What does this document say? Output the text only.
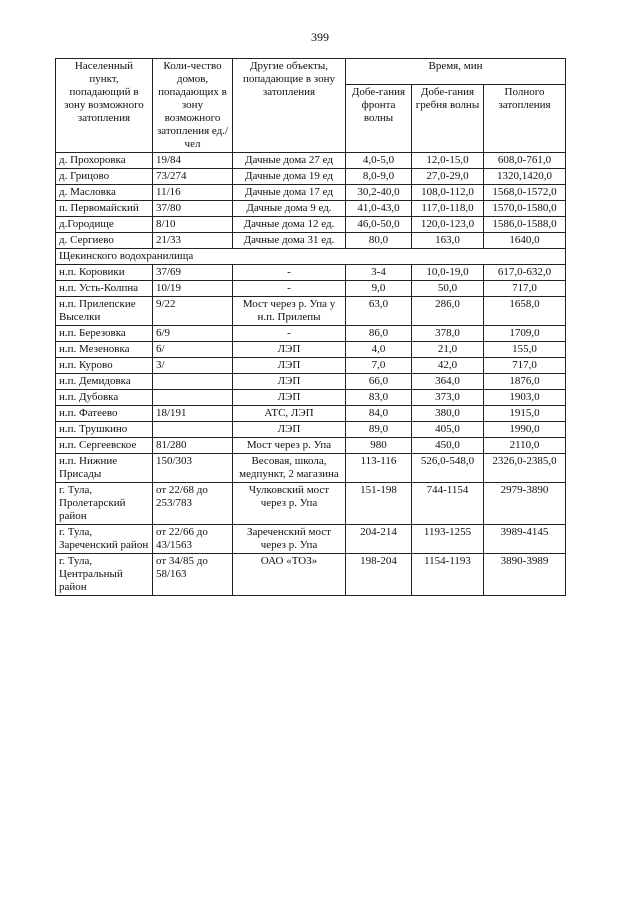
399
Населенный пункт, попадающий в зону возможного затопления	Коли-чество домов, попадающих в зону возможного затопления ед./чел	Другие объекты, попадающие в зону затопления	Время, мин		
			Добе-гания фронта волны	Добе-гания гребня волны	Полного затопления
д. Прохоровка	19/84	Дачные дома 27 ед	4,0-5,0	12,0-15,0	608,0-761,0
д. Грицово	73/274	Дачные дома 19 ед	8,0-9,0	27,0-29,0	1320,1420,0
д. Масловка	11/16	Дачные дома 17 ед	30,2-40,0	108,0-112,0	1568,0-1572,0
п. Первомайский	37/80	Дачные дома 9 ед.	41,0-43,0	117,0-118,0	1570,0-1580,0
д.Городище	8/10	Дачные дома 12 ед.	46,0-50,0	120,0-123,0	1586,0-1588,0
д. Сергиево	21/33	Дачные дома 31 ед.	80,0	163,0	1640,0
Щекинского водохранилища					
н.п. Коровики	37/69	-	3-4	10,0-19,0	617,0-632,0
н.п. Усть-Колпна	10/19	-	9,0	50,0	717,0
н.п. Прилепские Выселки	9/22	Мост через р. Упа у н.п. Прилепы	63,0	286,0	1658,0
н.п. Березовка	6/9	-	86,0	378,0	1709,0
н.п. Мезеновка	6/	ЛЭП	4,0	21,0	155,0
н.п. Курово	3/	ЛЭП	7,0	42,0	717,0
н.п. Демидовка		ЛЭП	66,0	364,0	1876,0
н.п. Дубовка		ЛЭП	83,0	373,0	1903,0
н.п. Фатеево	18/191	АТС, ЛЭП	84,0	380,0	1915,0
н.п. Трушкино		ЛЭП	89,0	405,0	1990,0
н.п. Сергеевское	81/280	Мост через р. Упа	980	450,0	2110,0
н.п. Нижние Присады	150/303	Весовая, школа, медпункт, 2 магазина	113-116	526,0-548,0	2326,0-2385,0
г. Тула, Пролетарский район	от 22/68 до 253/783	Чулковский мост через р. Упа	151-198	744-1154	2979-3890
г. Тула, Зареченский район	от 22/66 до 43/1563	Зареченский мост через р. Упа	204-214	1193-1255	3989-4145
г. Тула, Центральный район	от 34/85 до 58/163	ОАО «ТОЗ»	198-204	1154-1193	3890-3989
